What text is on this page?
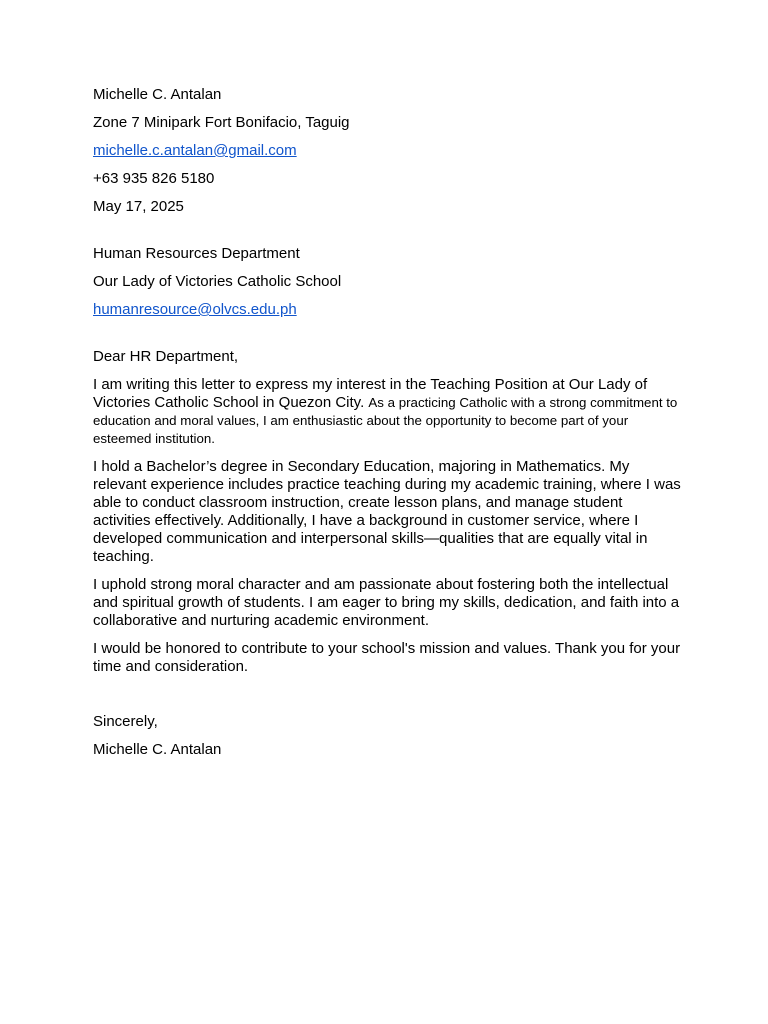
Michelle C. Antalan
Zone 7 Minipark Fort Bonifacio, Taguig
michelle.c.antalan@gmail.com
+63 935 826 5180
May 17, 2025
Human Resources Department
Our Lady of Victories Catholic School
humanresource@olvcs.edu.ph
Dear HR Department,

I am writing this letter to express my interest in the Teaching Position at Our Lady of Victories Catholic School in Quezon City. As a practicing Catholic with a strong commitment to education and moral values, I am enthusiastic about the opportunity to become part of your esteemed institution.

I hold a Bachelor’s degree in Secondary Education, majoring in Mathematics. My relevant experience includes practice teaching during my academic training, where I was able to conduct classroom instruction, create lesson plans, and manage student activities effectively. Additionally, I have a background in customer service, where I developed communication and interpersonal skills—qualities that are equally vital in teaching.

I uphold strong moral character and am passionate about fostering both the intellectual and spiritual growth of students. I am eager to bring my skills, dedication, and faith into a collaborative and nurturing academic environment.

I would be honored to contribute to your school's mission and values. Thank you for your time and consideration.

Sincerely,
Michelle C. Antalan
